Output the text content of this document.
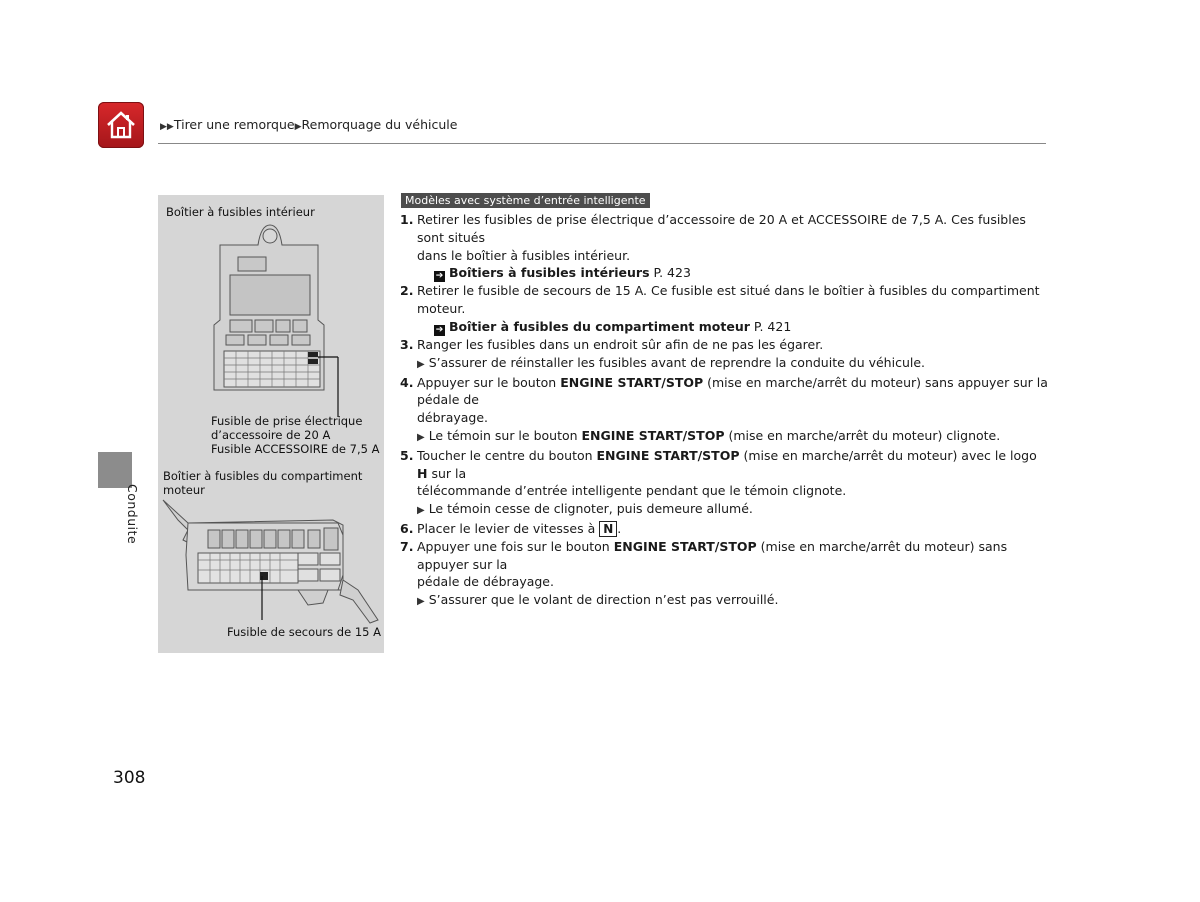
▶▶Tirer une remorque▶Remorquage du véhicule
Conduite
Boîtier à fusibles intérieur
Fusible de prise électrique
d’accessoire de 20 A
Fusible ACCESSOIRE de 7,5 A
Boîtier à fusibles du compartiment
moteur
Fusible de secours de 15 A
Modèles avec système d’entrée intelligente
1. Retirer les fusibles de prise électrique d’accessoire de 20 A et ACCESSOIRE de 7,5 A. Ces fusibles sont situés
dans le boîtier à fusibles intérieur.
➔ Boîtiers à fusibles intérieurs P. 423
2. Retirer le fusible de secours de 15 A. Ce fusible est situé dans le boîtier à fusibles du compartiment moteur.
➔ Boîtier à fusibles du compartiment moteur P. 421
3. Ranger les fusibles dans un endroit sûr afin de ne pas les égarer.
▶ S’assurer de réinstaller les fusibles avant de reprendre la conduite du véhicule.
4. Appuyer sur le bouton ENGINE START/STOP (mise en marche/arrêt du moteur) sans appuyer sur la pédale de
débrayage.
▶ Le témoin sur le bouton ENGINE START/STOP (mise en marche/arrêt du moteur) clignote.
5. Toucher le centre du bouton ENGINE START/STOP (mise en marche/arrêt du moteur) avec le logo H sur la
télécommande d’entrée intelligente pendant que le témoin clignote.
▶ Le témoin cesse de clignoter, puis demeure allumé.
6. Placer le levier de vitesses à N .
7. Appuyer une fois sur le bouton ENGINE START/STOP (mise en marche/arrêt du moteur) sans appuyer sur la
pédale de débrayage.
▶ S’assurer que le volant de direction n’est pas verrouillé.
308
